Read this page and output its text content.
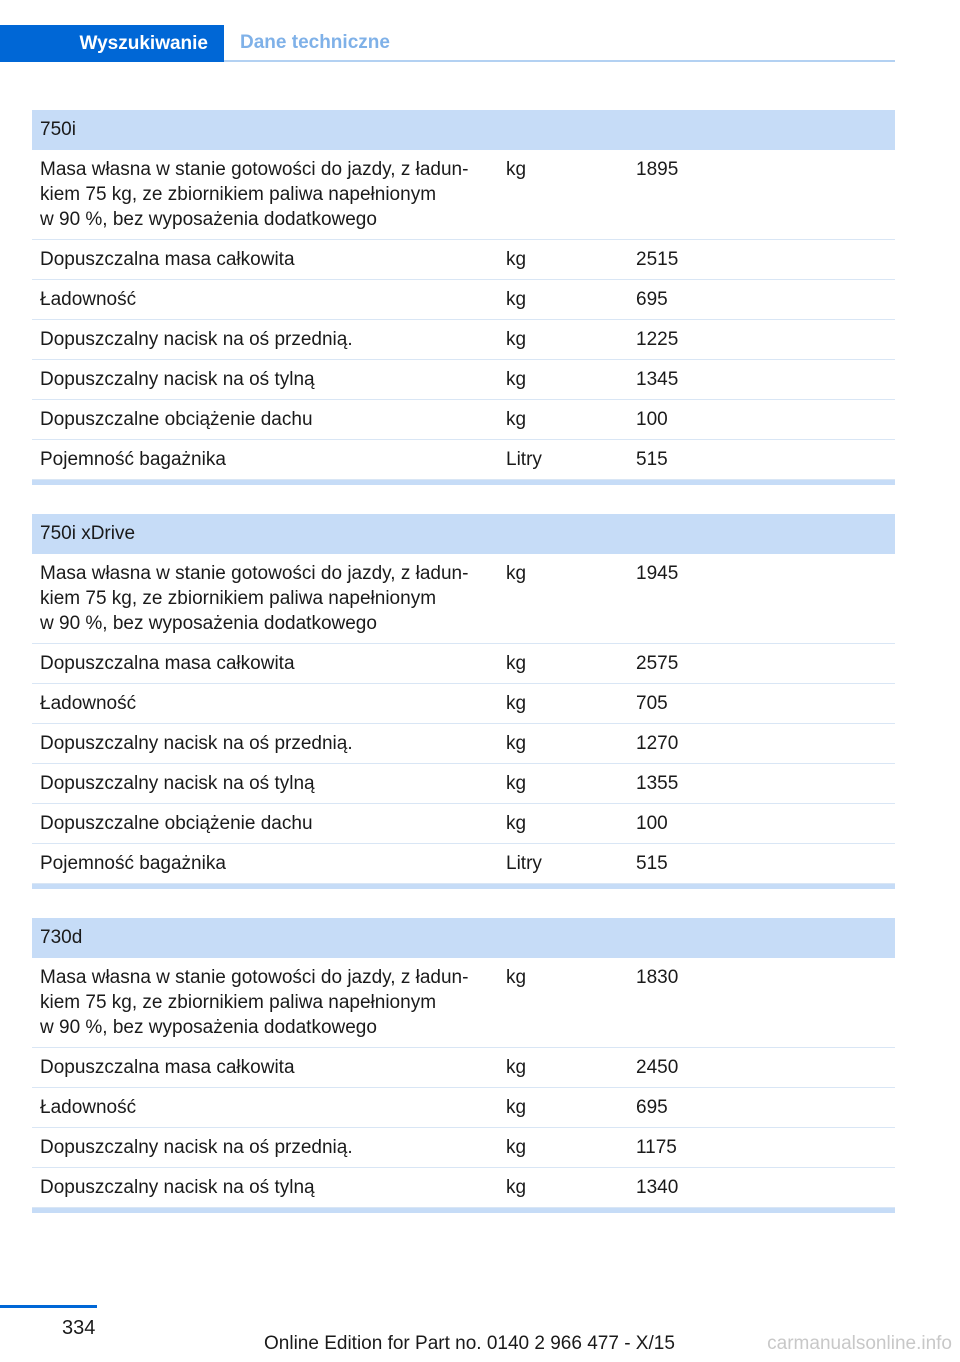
Wyszukiwanie	Dane techniczne
750i
Masa własna w stanie gotowości do jazdy, z ładun-
kiem 75 kg, ze zbiornikiem paliwa napełnionym
w 90 %, bez wyposażenia dodatkowego
kg	1895
Dopuszczalna masa całkowita	kg	2515
Ładowność	kg	695
Dopuszczalny nacisk na oś przednią.	kg	1225
Dopuszczalny nacisk na oś tylną	kg	1345
Dopuszczalne obciążenie dachu	kg	100
Pojemność bagażnika	Litry	515
750i xDrive
Masa własna w stanie gotowości do jazdy, z ładun-
kiem 75 kg, ze zbiornikiem paliwa napełnionym
w 90 %, bez wyposażenia dodatkowego
kg	1945
Dopuszczalna masa całkowita	kg	2575
Ładowność	kg	705
Dopuszczalny nacisk na oś przednią.	kg	1270
Dopuszczalny nacisk na oś tylną	kg	1355
Dopuszczalne obciążenie dachu	kg	100
Pojemność bagażnika	Litry	515
730d
Masa własna w stanie gotowości do jazdy, z ładun-
kiem 75 kg, ze zbiornikiem paliwa napełnionym
w 90 %, bez wyposażenia dodatkowego
kg	1830
Dopuszczalna masa całkowita	kg	2450
Ładowność	kg	695
Dopuszczalny nacisk na oś przednią.	kg	1175
Dopuszczalny nacisk na oś tylną	kg	1340
334
Online Edition for Part no. 0140 2 966 477 - X/15	carmanualsonline.info
